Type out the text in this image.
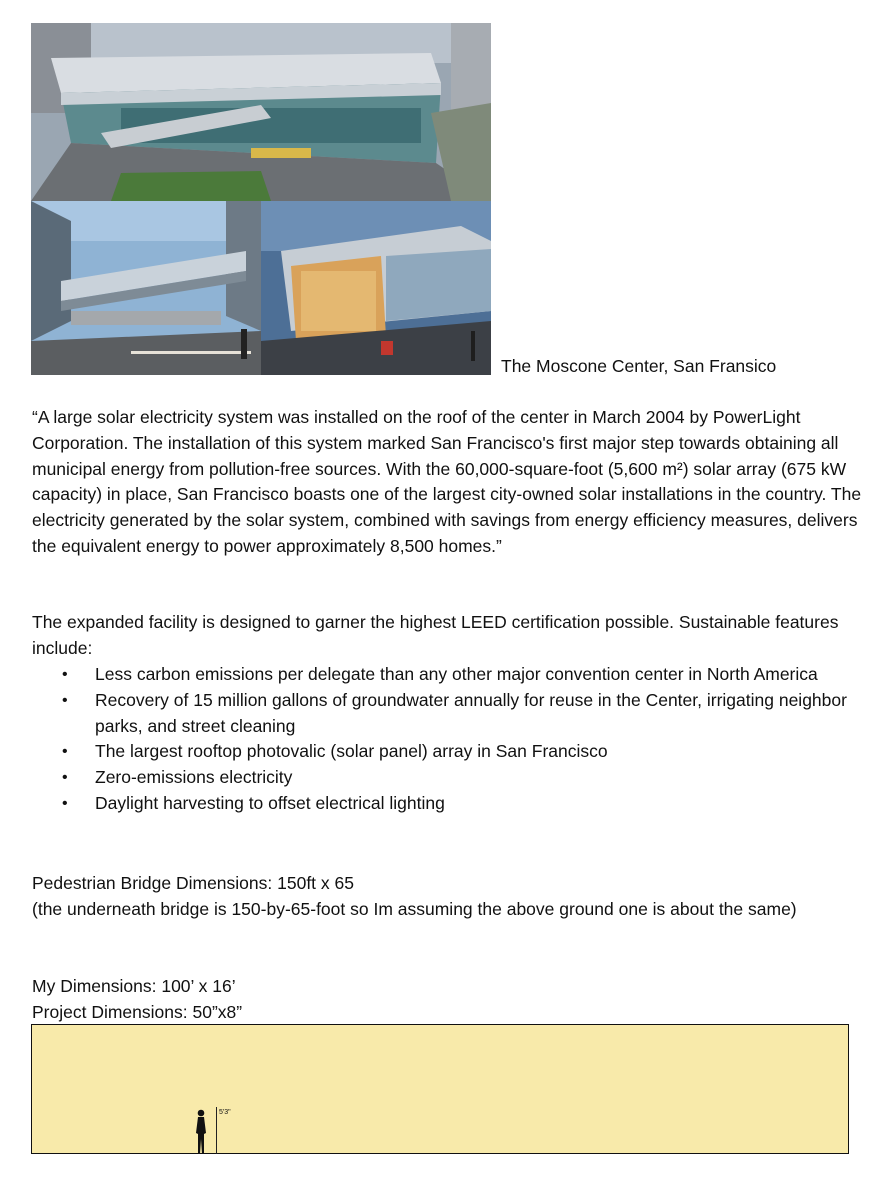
The Moscone Center, San Fransico
“A large solar electricity system was installed on the roof of the center in March 2004 by PowerLight Corporation. The installation of this system marked San Francisco's first major step towards obtaining all municipal energy from pollution-free sources. With the 60,000-square-foot (5,600 m²) solar array (675 kW capacity) in place, San Francisco boasts one of the largest city-owned solar installations in the country. The electricity generated by the solar system, combined with savings from energy efficiency measures, delivers the equivalent energy to power approximately 8,500 homes.”
The expanded facility is designed to garner the highest LEED certification possible. Sustainable features include:
• Less carbon emissions per delegate than any other major convention center in North America
• Recovery of 15 million gallons of groundwater annually for reuse in the Center, irrigating neighbor parks, and street cleaning
• The largest rooftop photovalic (solar panel) array in San Francisco
• Zero-emissions electricity
• Daylight harvesting to offset electrical lighting
Pedestrian Bridge Dimensions: 150ft x 65
(the underneath bridge is 150-by-65-foot so Im assuming the above ground one is about the same)
My Dimensions: 100’ x 16’
Project Dimensions: 50”x8”
5'3"
